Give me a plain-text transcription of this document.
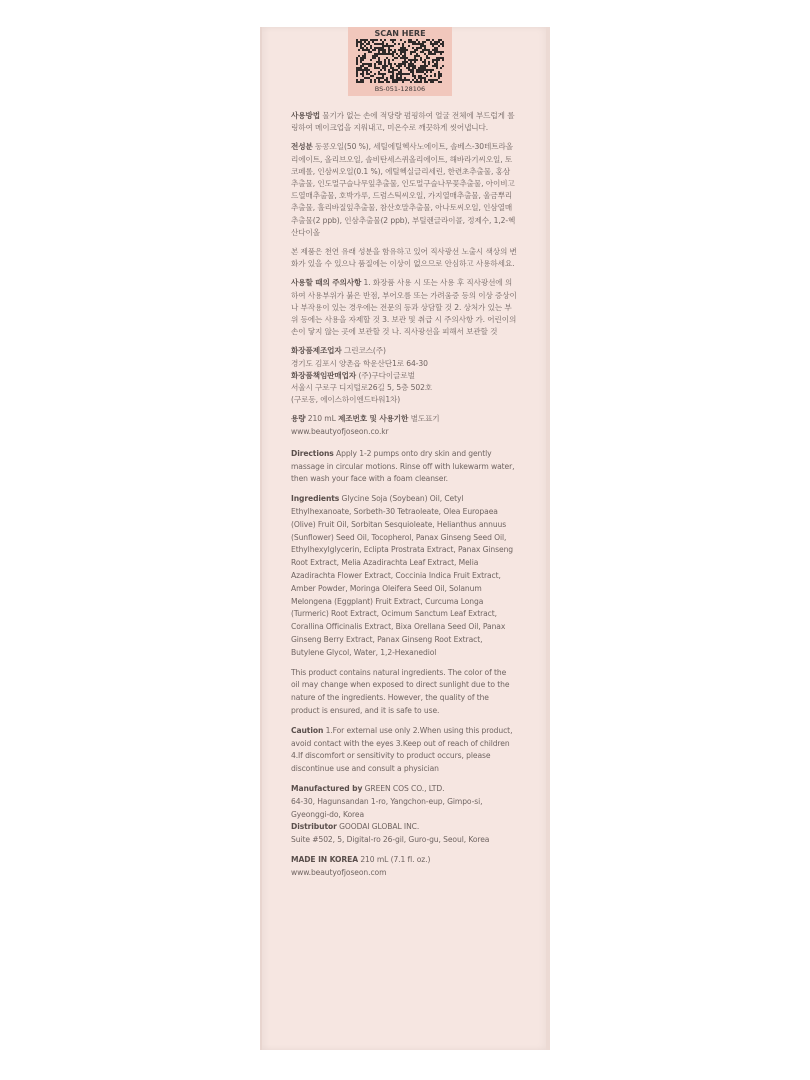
SCAN HERE
BS-051-128106

사용방법 물기가 없는 손에 적당량 펌핑하여 얼굴 전체에 부드럽게 롤링하여 메이크업을 지워내고, 미온수로 깨끗하게 씻어냅니다.

전성분 동콩오일(50 %), 세틸에틸헥사노에이트, 솔베스-30테트라올리에이트, 올리브오일, 솔비탄세스퀴올리에이트, 해바라기씨오일, 토코페롤, 인삼씨오일(0.1 %), 에틸헥실글리세린, 한련초추출물, 홍삼추출물, 인도멀구슬나무잎추출물, 인도멀구슬나무꽃추출물, 아이비고드열매추출물, 호박가루, 드럼스틱씨오일, 가지열매추출물, 울금뿌리추출물, 홀리바질잎추출물, 참산호말추출물, 아나토씨오일, 인삼열매추출물(2 ppb), 인삼추출물(2 ppb), 부틸렌글라이콜, 정제수, 1,2-헥산다이올

본 제품은 천연 유래 성분을 함유하고 있어 직사광선 노출시 색상의 변화가 있을 수 있으나 품질에는 이상이 없으므로 안심하고 사용하세요.

사용할 때의 주의사항 1. 화장품 사용 시 또는 사용 후 직사광선에 의하여 사용부위가 붉은 반점, 부어오름 또는 가려움증 등의 이상 증상이나 부작용이 있는 경우에는 전문의 등과 상담할 것 2. 상처가 있는 부위 등에는 사용을 자제할 것 3. 보관 및 취급 시 주의사항 가. 어린이의 손이 닿지 않는 곳에 보관할 것 나. 직사광선을 피해서 보관할 것

화장품제조업자 그린코스(주)
경기도 김포시 양촌읍 학운산단1로 64-30
화장품책임판매업자 (주)구다이글로벌
서울시 구로구 디지털로26길 5, 5층 502호
(구로동, 에이스하이엔드타워1차)

용량 210 mL 제조번호 및 사용기한 별도표기
www.beautyofjoseon.co.kr

Directions Apply 1-2 pumps onto dry skin and gently massage in circular motions. Rinse off with lukewarm water, then wash your face with a foam cleanser.

Ingredients Glycine Soja (Soybean) Oil, Cetyl Ethylhexanoate, Sorbeth-30 Tetraoleate, Olea Europaea (Olive) Fruit Oil, Sorbitan Sesquioleate, Helianthus annuus (Sunflower) Seed Oil, Tocopherol, Panax Ginseng Seed Oil, Ethylhexylglycerin, Eclipta Prostrata Extract, Panax Ginseng Root Extract, Melia Azadirachta Leaf Extract, Melia Azadirachta Flower Extract, Coccinia Indica Fruit Extract, Amber Powder, Moringa Oleifera Seed Oil, Solanum Melongena (Eggplant) Fruit Extract, Curcuma Longa (Turmeric) Root Extract, Ocimum Sanctum Leaf Extract, Corallina Officinalis Extract, Bixa Orellana Seed Oil, Panax Ginseng Berry Extract, Panax Ginseng Root Extract, Butylene Glycol, Water, 1,2-Hexanediol

This product contains natural ingredients. The color of the oil may change when exposed to direct sunlight due to the nature of the ingredients. However, the quality of the product is ensured, and it is safe to use.

Caution 1.For external use only 2.When using this product, avoid contact with the eyes 3.Keep out of reach of children 4.If discomfort or sensitivity to product occurs, please discontinue use and consult a physician

Manufactured by GREEN COS CO., LTD.
64-30, Hagunsandan 1-ro, Yangchon-eup, Gimpo-si, Gyeonggi-do, Korea
Distributor GOODAI GLOBAL INC.
Suite #502, 5, Digital-ro 26-gil, Guro-gu, Seoul, Korea

MADE IN KOREA 210 mL (7.1 fl. oz.)
www.beautyofjoseon.com
